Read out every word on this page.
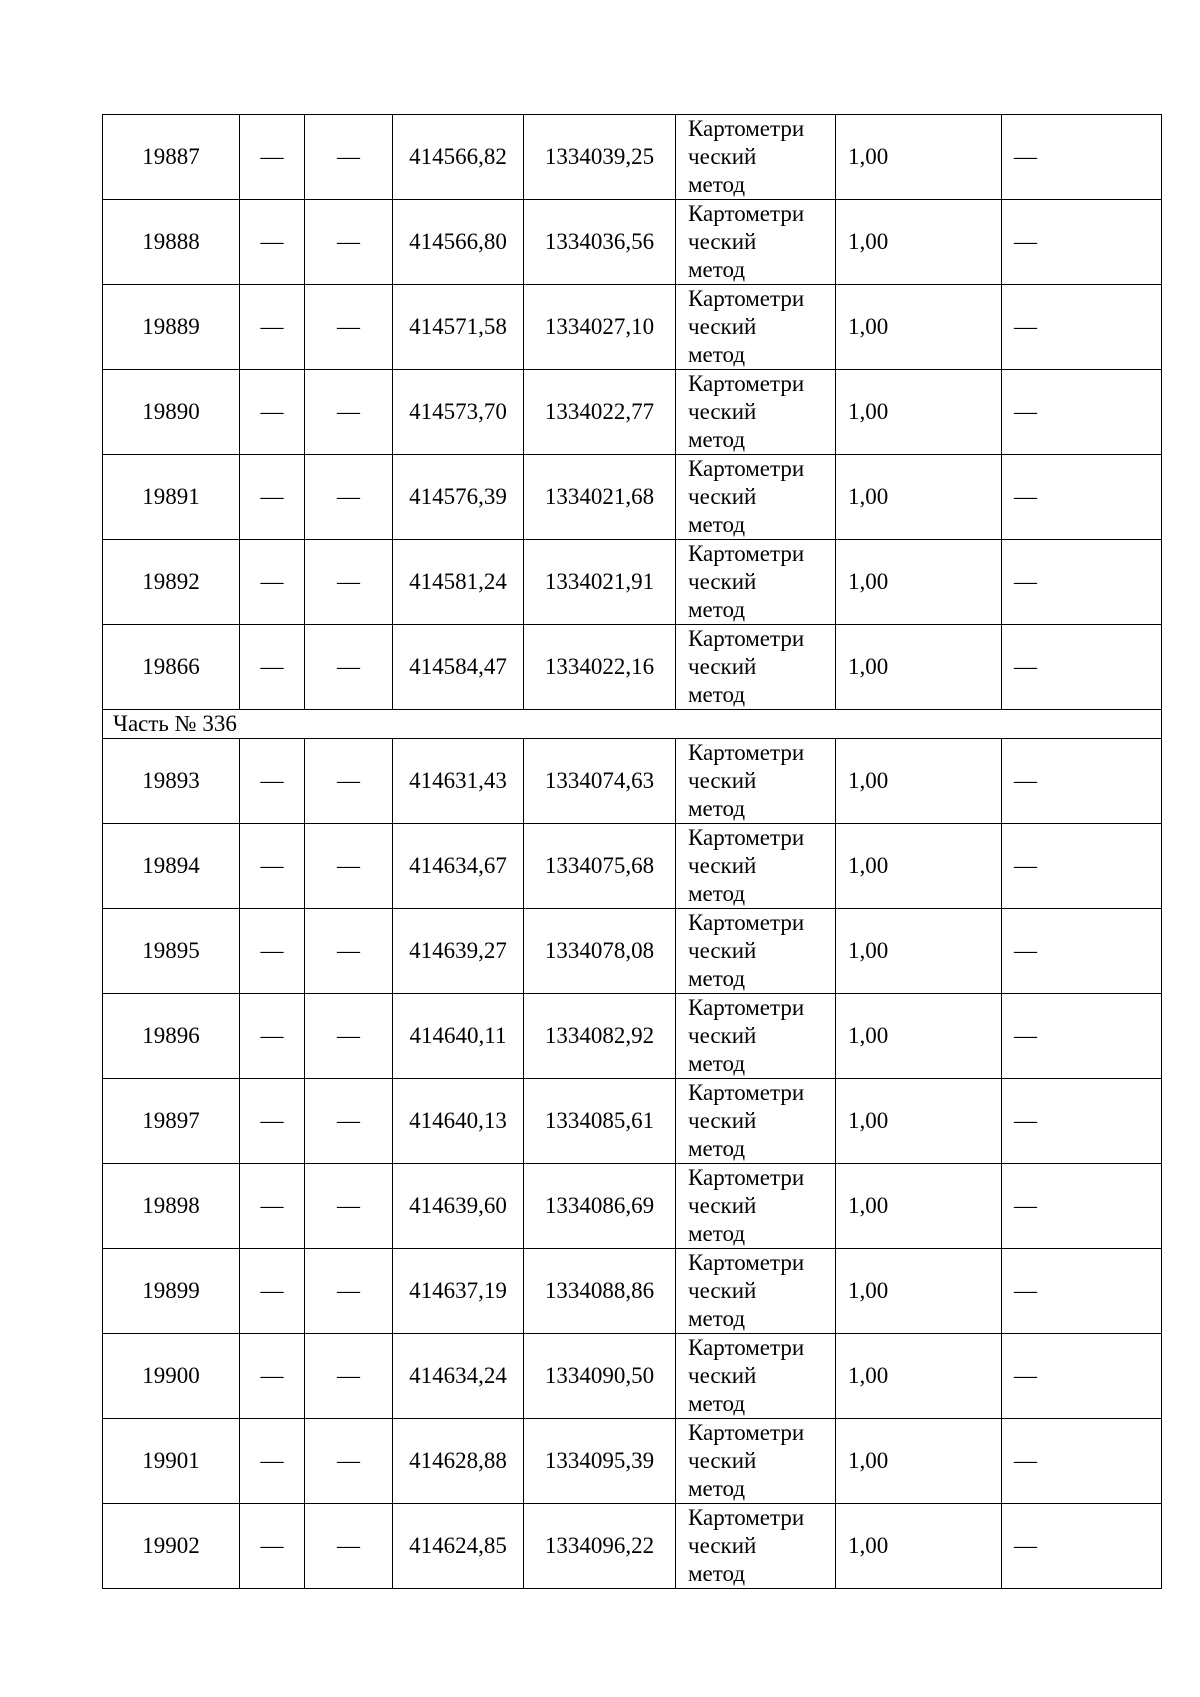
19887	—	—	414566,82	1334039,25	Картометри
ческий
метод	1,00	—
19888	—	—	414566,80	1334036,56	Картометри
ческий
метод	1,00	—
19889	—	—	414571,58	1334027,10	Картометри
ческий
метод	1,00	—
19890	—	—	414573,70	1334022,77	Картометри
ческий
метод	1,00	—
19891	—	—	414576,39	1334021,68	Картометри
ческий
метод	1,00	—
19892	—	—	414581,24	1334021,91	Картометри
ческий
метод	1,00	—
19866	—	—	414584,47	1334022,16	Картометри
ческий
метод	1,00	—
Часть № 336							
19893	—	—	414631,43	1334074,63	Картометри
ческий
метод	1,00	—
19894	—	—	414634,67	1334075,68	Картометри
ческий
метод	1,00	—
19895	—	—	414639,27	1334078,08	Картометри
ческий
метод	1,00	—
19896	—	—	414640,11	1334082,92	Картометри
ческий
метод	1,00	—
19897	—	—	414640,13	1334085,61	Картометри
ческий
метод	1,00	—
19898	—	—	414639,60	1334086,69	Картометри
ческий
метод	1,00	—
19899	—	—	414637,19	1334088,86	Картометри
ческий
метод	1,00	—
19900	—	—	414634,24	1334090,50	Картометри
ческий
метод	1,00	—
19901	—	—	414628,88	1334095,39	Картометри
ческий
метод	1,00	—
19902	—	—	414624,85	1334096,22	Картометри
ческий
метод	1,00	—
